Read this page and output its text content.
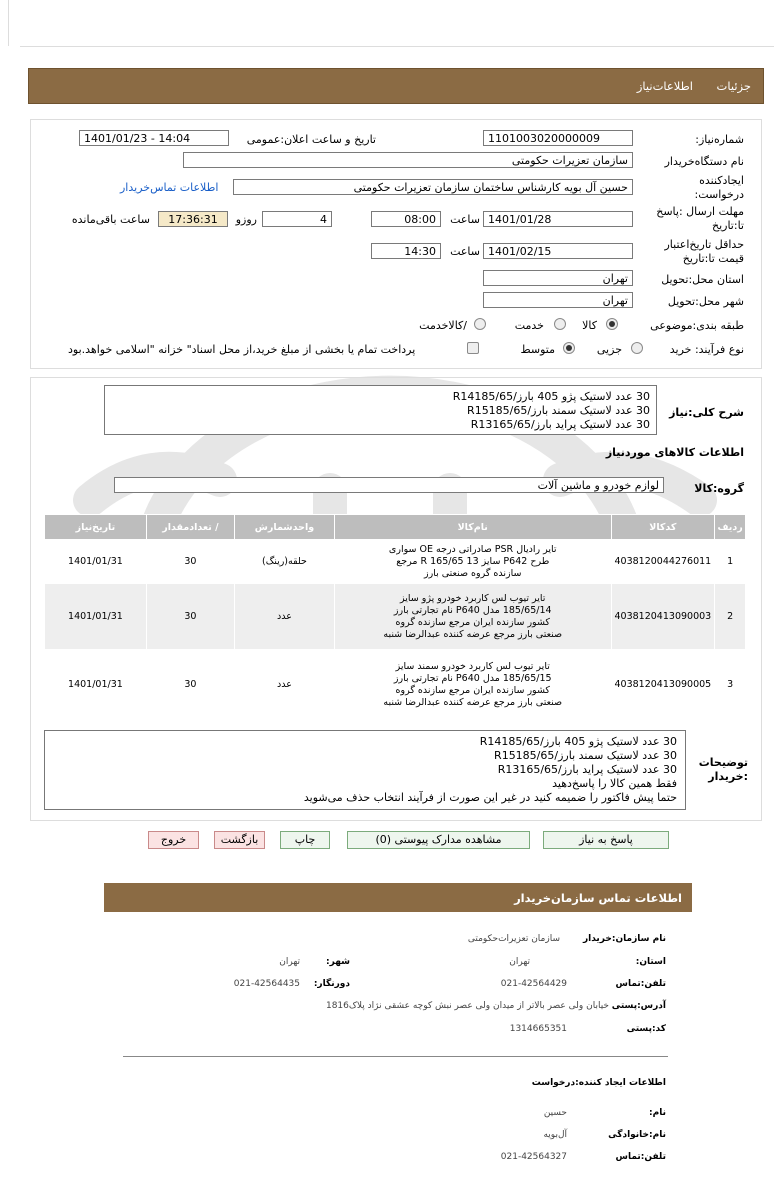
جزئیات
اطلاعات‌نیاز
شماره‌نیاز:
1101003020000009
تاریخ و ساعت اعلان:عمومی
1401/01/23 - 14:04
نام دستگاه‌خریدار
سازمان تعزیرات حکومتی
ایجادکننده درخواست:
حسین آل بویه کارشناس ساختمان سازمان تعزیرات حکومتی
اطلاعات تماس‌خریدار
مهلت ارسال :پاسخ تا:تاریخ
1401/01/28
ساعت
08:00
4
روزو
17:36:31
ساعت باقی‌مانده
حداقل تاریخ‌اعتبار قیمت تا:تاریخ
1401/02/15
ساعت
14:30
استان محل:تحویل
تهران
شهر محل:تحویل
تهران
طبقه بندی:موضوعی
کالا
خدمت
/کالاخدمت
نوع فرآیند: خرید
جزیی
متوسط
پرداخت تمام یا بخشی از مبلغ خرید،از محل اسناد" خزانه "اسلامی خواهد.بود
شرح کلی:نیاز
30 عدد لاستیک پژو 405 بارز/R14185/65
30 عدد لاستیک سمند بارز/R15185/65
30 عدد لاستیک پراید بارز/R13165/65
اطلاعات کالاهای موردنیاز
گروه:کالا
لوازم خودرو و ماشین آلات
ردیف	کدکالا	نام‌کالا	واحدشمارش	/ تعدادمقدار	تاریخ‌نیاز
1	4038120044276011	تایر رادیال PSR صادراتی درجه OE سواری طرح P642 سایز R 165/65 13 مرجع سازنده گروه صنعتی بارز	حلقه(رینگ)	30	1401/01/31
2	4038120413090003	تایر تیوب لس کاربرد خودرو پژو سایز 185/65/14 مدل P640 نام تجارتی بارز کشور سازنده ایران مرجع سازنده گروه صنعتی بارز مرجع عرضه کننده عبدالرضا شنبه	عدد	30	1401/01/31
3	4038120413090005	تایر تیوب لس کاربرد خودرو سمند سایز 185/65/15 مدل P640 نام تجارتی بارز کشور سازنده ایران مرجع سازنده گروه صنعتی بارز مرجع عرضه کننده عبدالرضا شنبه	عدد	30	1401/01/31
توضیحات :خریدار
30 عدد لاستیک پژو 405 بارز/R14185/65
30 عدد لاستیک سمند بارز/R15185/65
30 عدد لاستیک پراید بارز/R13165/65
فقط همین کالا را پاسخ‌دهید
حتما پیش فاکتور را ضمیمه کنید در غیر این صورت از فرآیند انتخاب حذف می‌شوید
پاسخ به نیاز
مشاهده مدارک پیوستی (0)
چاپ
بازگشت
خروج
اطلاعات تماس سازمان‌خریدار
نام سازمان:خریدار
سازمان تعزیرات‌حکومتی
استان:
تهران
شهر:
تهران
تلفن:تماس
021-42564429
دورنگار:
021-42564435
آدرس:پستی
خیابان ولی عصر بالاتر از میدان ولی عصر نبش کوچه عشقی نژاد پلاک1816
کد:پستی
1314665351
اطلاعات ایجاد کننده:درخواست
نام:
حسین
نام:خانوادگی
آل‌بویه
تلفن:تماس
021-42564327
